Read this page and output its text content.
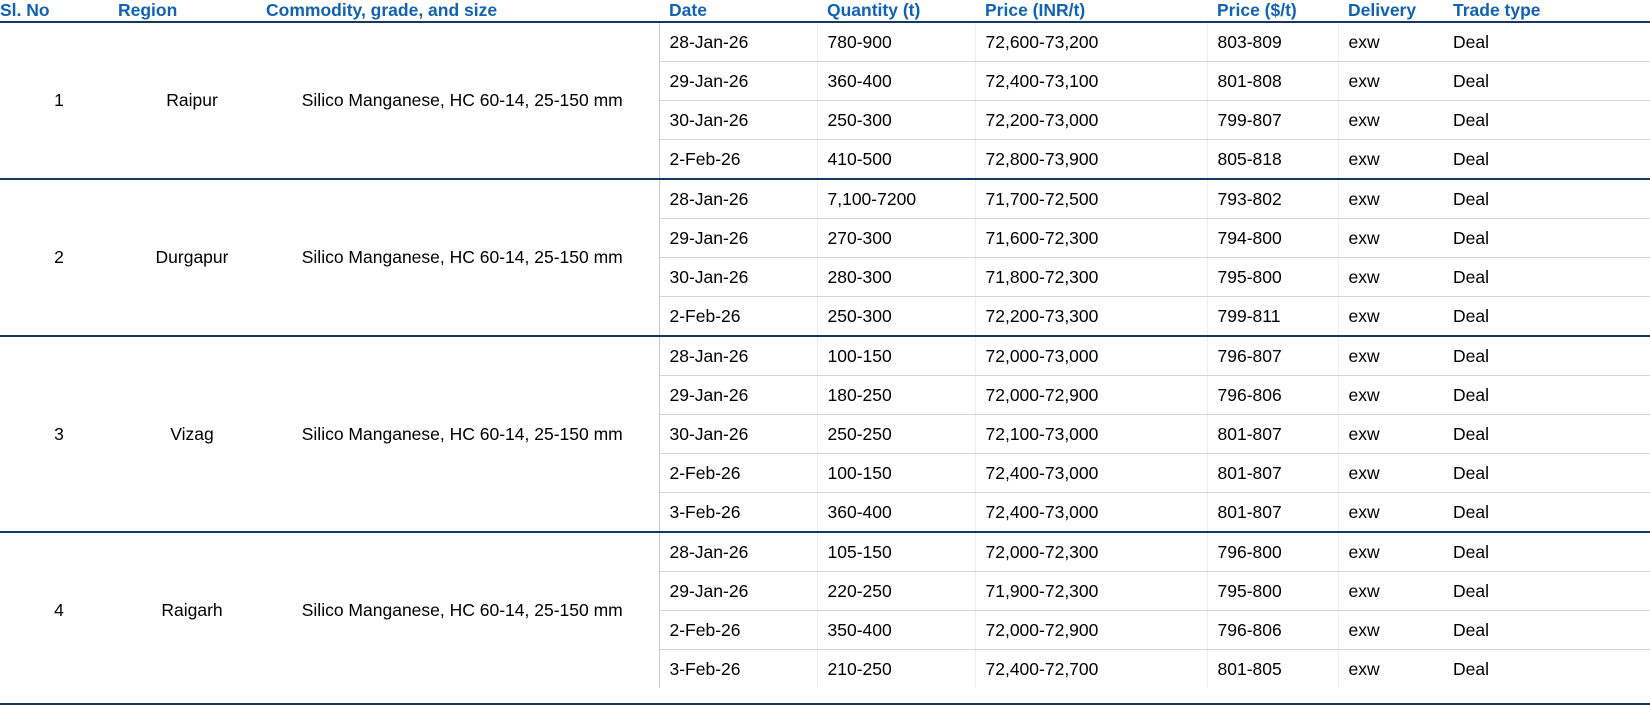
Sl. No	Region	Commodity, grade, and size	Date	Quantity (t)	Price (INR/t)	Price ($/t)	Delivery	Trade type
1	Raipur	Silico Manganese, HC 60-14, 25-150 mm	28-Jan-26	780-900	72,600-73,200	803-809	exw	Deal
			29-Jan-26	360-400	72,400-73,100	801-808	exw	Deal
			30-Jan-26	250-300	72,200-73,000	799-807	exw	Deal
			2-Feb-26	410-500	72,800-73,900	805-818	exw	Deal
2	Durgapur	Silico Manganese, HC 60-14, 25-150 mm	28-Jan-26	7,100-7200	71,700-72,500	793-802	exw	Deal
			29-Jan-26	270-300	71,600-72,300	794-800	exw	Deal
			30-Jan-26	280-300	71,800-72,300	795-800	exw	Deal
			2-Feb-26	250-300	72,200-73,300	799-811	exw	Deal
3	Vizag	Silico Manganese, HC 60-14, 25-150 mm	28-Jan-26	100-150	72,000-73,000	796-807	exw	Deal
			29-Jan-26	180-250	72,000-72,900	796-806	exw	Deal
			30-Jan-26	250-250	72,100-73,000	801-807	exw	Deal
			2-Feb-26	100-150	72,400-73,000	801-807	exw	Deal
			3-Feb-26	360-400	72,400-73,000	801-807	exw	Deal
4	Raigarh	Silico Manganese, HC 60-14, 25-150 mm	28-Jan-26	105-150	72,000-72,300	796-800	exw	Deal
			29-Jan-26	220-250	71,900-72,300	795-800	exw	Deal
			2-Feb-26	350-400	72,000-72,900	796-806	exw	Deal
			3-Feb-26	210-250	72,400-72,700	801-805	exw	Deal
